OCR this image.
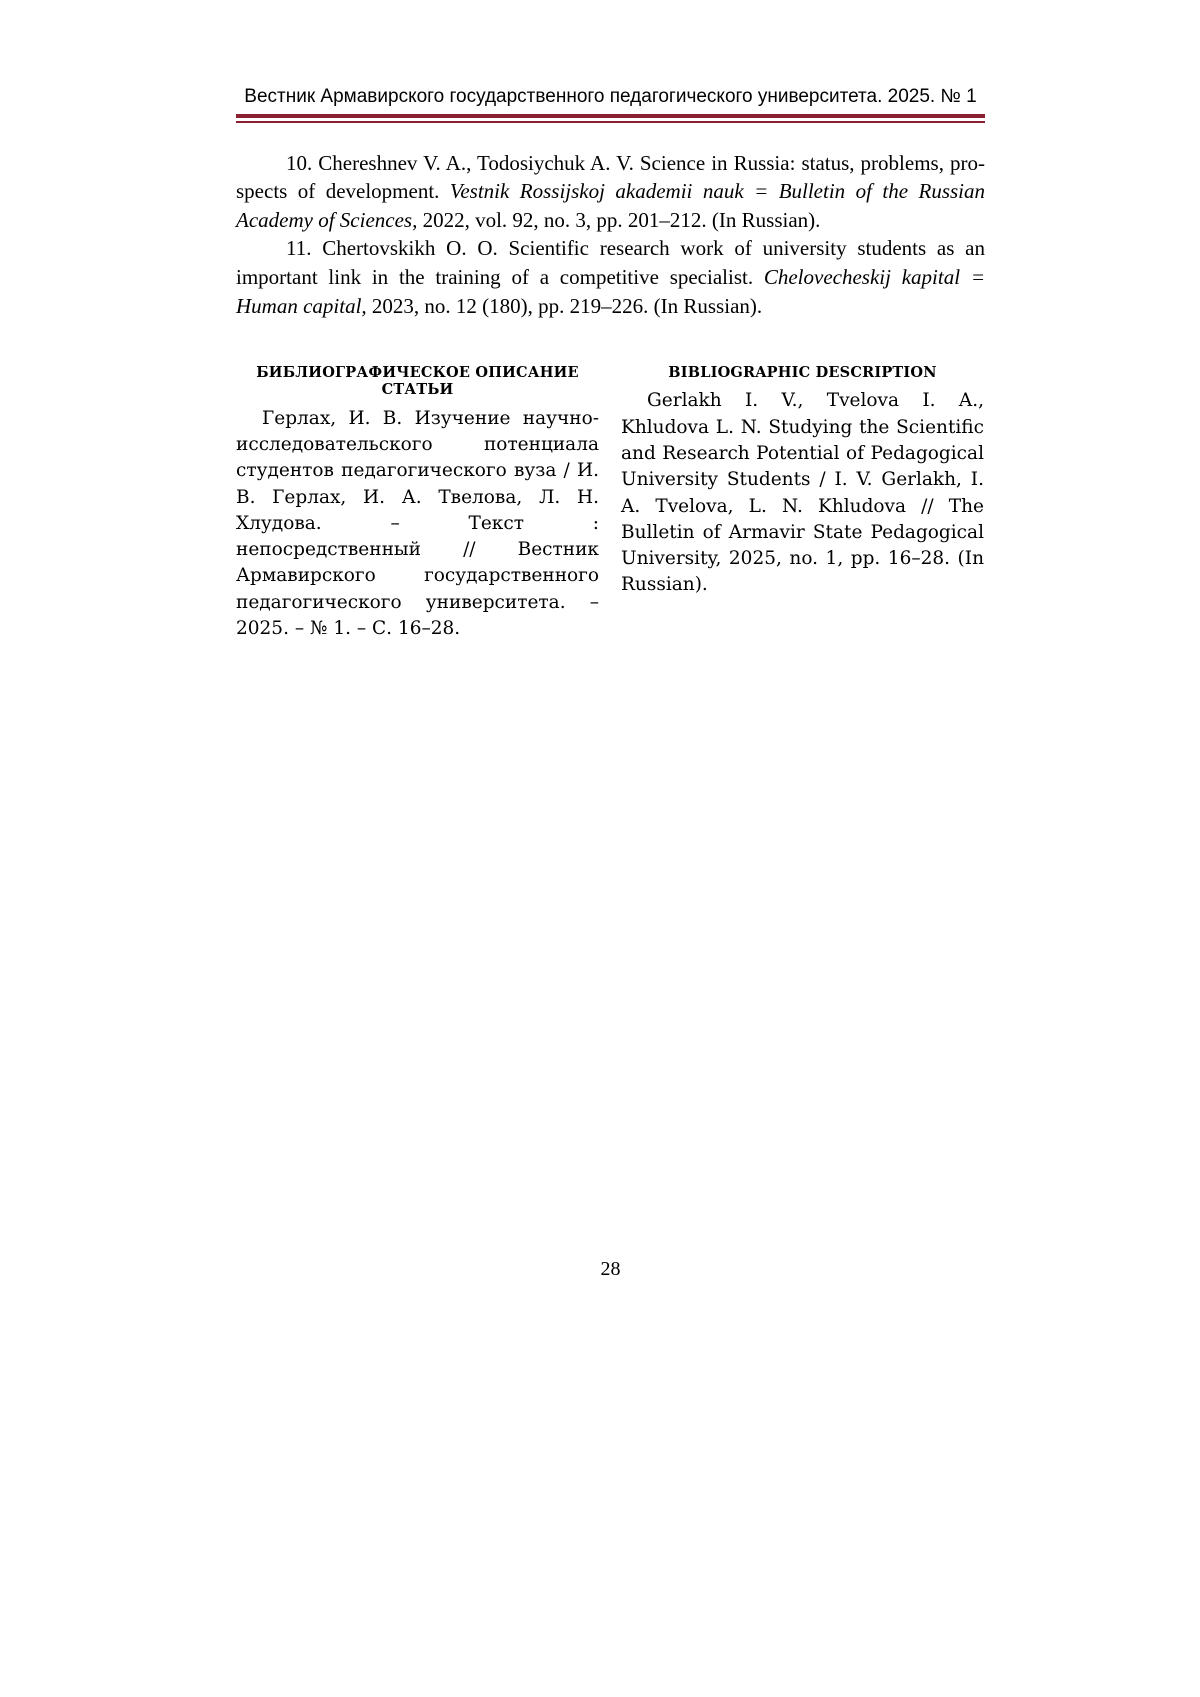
Вестник Армавирского государственного педагогического университета. 2025. № 1

10. Chereshnev V. A., Todosiychuk A. V. Science in Russia: status, problems, prospects of development. Vestnik Rossijskoj akademii nauk = Bulletin of the Russian Academy of Sciences, 2022, vol. 92, no. 3, pp. 201–212. (In Russian).

11. Chertovskikh O. O. Scientific research work of university students as an important link in the training of a competitive specialist. Chelovecheskij kapital = Human capital, 2023, no. 12 (180), pp. 219–226. (In Russian).

БИБЛИОГРАФИЧЕСКОЕ ОПИСАНИЕ СТАТЬИ

Герлах, И. В. Изучение научно-исследовательского потенциала студентов педагогического вуза / И. В. Герлах, И. А. Твелова, Л. Н. Хлудова. – Текст : непосредственный // Вестник Армавирского государственного педагогического университета. – 2025. – № 1. – С. 16–28.

BIBLIOGRAPHIC DESCRIPTION

Gerlakh I. V., Tvelova I. A., Khludova L. N. Studying the Scientific and Research Potential of Pedagogical University Students / I. V. Gerlakh, I. A. Tvelova, L. N. Khludova // The Bulletin of Armavir State Pedagogical University, 2025, no. 1, pp. 16–28. (In Russian).

28
